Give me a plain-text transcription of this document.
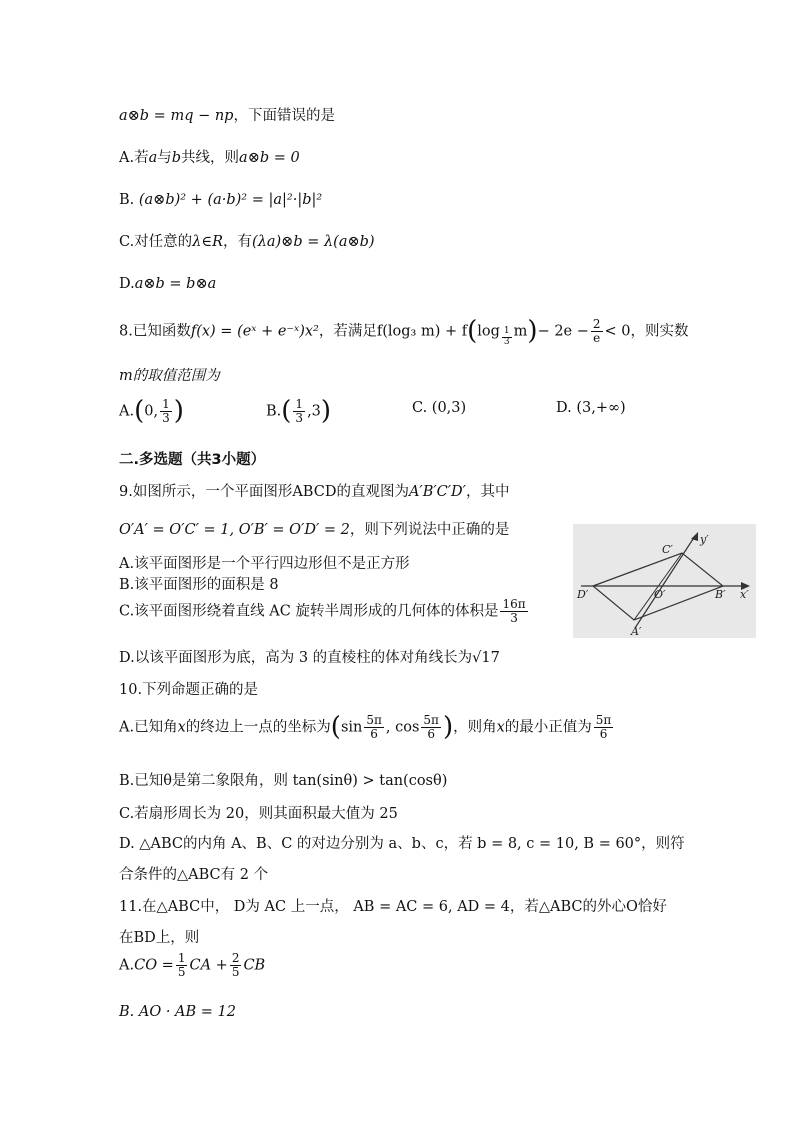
a⊗b = mq − np，下面错误的是
A.若a与b共线，则a⊗b = 0
B. (a⊗b)² + (a·b)² = |a|²·|b|²
C.对任意的λ∈R，有(λa)⊗b = λ(a⊗b)
D.a⊗b = b⊗a
8.已知函数f(x) = (eˣ + e⁻ˣ)x²，若满足f(log₃ $m) + f(\log \frac{1}{3} m)- 2e - \frac{2}{e} < 0$，则实数
m的取值范围为
A.(0, $\frac{1}{3}$ )	$B.( \frac{1}{3} ,3)$	C. (0,3)	D. (3,+∞)
二.多选题（共3小题）
9.如图所示，一个平面图形ABCD的直观图为A′B′C′D′，其中
O′A′ = O′C′ = 1, O′B′ = O′D′ = 2，则下列说法中正确的是
A.该平面图形是一个平行四边形但不是正方形
B.该平面图形的面积是 8
C.该平面图形绕着直线 AC 旋转半周形成的几何体的体积是 $\frac{16\pi}{3}$
D.以该平面图形为底，高为 3 的直棱柱的体对角线长为√17
y′
x′
C′
D′	O′	B′
A′
10.下列命题正确的是
A.已知角x的终边上一点的坐标为($\sin \frac{5\pi}{6}$ , $\cos \frac{5\pi}{6}$ )，则角x的最小正值为 $\frac{5\pi}{6}$
B.已知θ是第二象限角，则 tan(sinθ) > tan(cosθ)
C.若扇形周长为 20，则其面积最大值为 25
D. △ABC的内角 A、B、C 的对边分别为 a、b、c，若 b = 8, c = 10, B = 60°，则符
合条件的△ABC有 2 个
11.在△ABC中， D为 AC 上一点， AB = AC = 6, AD = 4，若△ABC的外心O恰好
在BD上，则
$A.CO = \frac{1}{5}$ CA + $\frac{2}{5}$ CB
B. AO · AB = 12
